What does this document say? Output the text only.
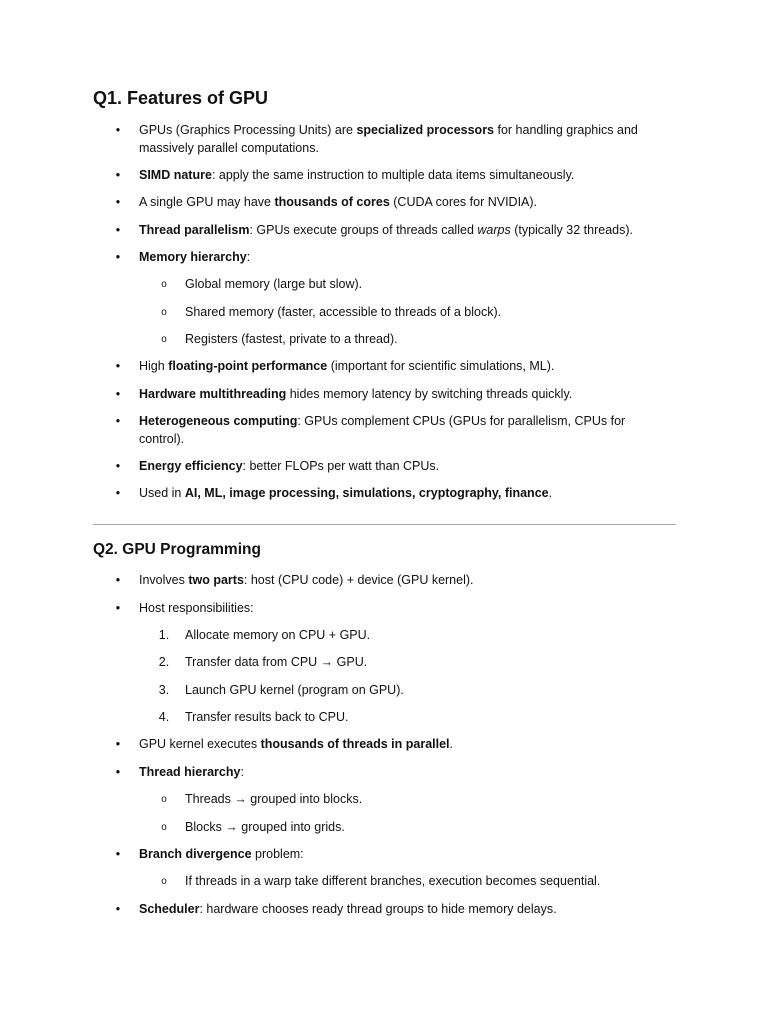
Q1. Features of GPU
•	GPUs (Graphics Processing Units) are specialized processors for handling graphics and
massively parallel computations.
•	SIMD nature: apply the same instruction to multiple data items simultaneously.
•	A single GPU may have thousands of cores (CUDA cores for NVIDIA).
•	Thread parallelism: GPUs execute groups of threads called warps (typically 32 threads).
•	Memory hierarchy:
o	Global memory (large but slow).
o	Shared memory (faster, accessible to threads of a block).
o	Registers (fastest, private to a thread).
•	High floating-point performance (important for scientific simulations, ML).
•	Hardware multithreading hides memory latency by switching threads quickly.
•	Heterogeneous computing: GPUs complement CPUs (GPUs for parallelism, CPUs for
control).
•	Energy efficiency: better FLOPs per watt than CPUs.
•	Used in AI, ML, image processing, simulations, cryptography, finance.
Q2. GPU Programming
•	Involves two parts: host (CPU code) + device (GPU kernel).
•	Host responsibilities:
1.	Allocate memory on CPU + GPU.
2.	Transfer data from CPU → GPU.
3.	Launch GPU kernel (program on GPU).
4.	Transfer results back to CPU.
•	GPU kernel executes thousands of threads in parallel.
•	Thread hierarchy:
o	Threads → grouped into blocks.
o	Blocks → grouped into grids.
•	Branch divergence problem:
o	If threads in a warp take different branches, execution becomes sequential.
•	Scheduler: hardware chooses ready thread groups to hide memory delays.
